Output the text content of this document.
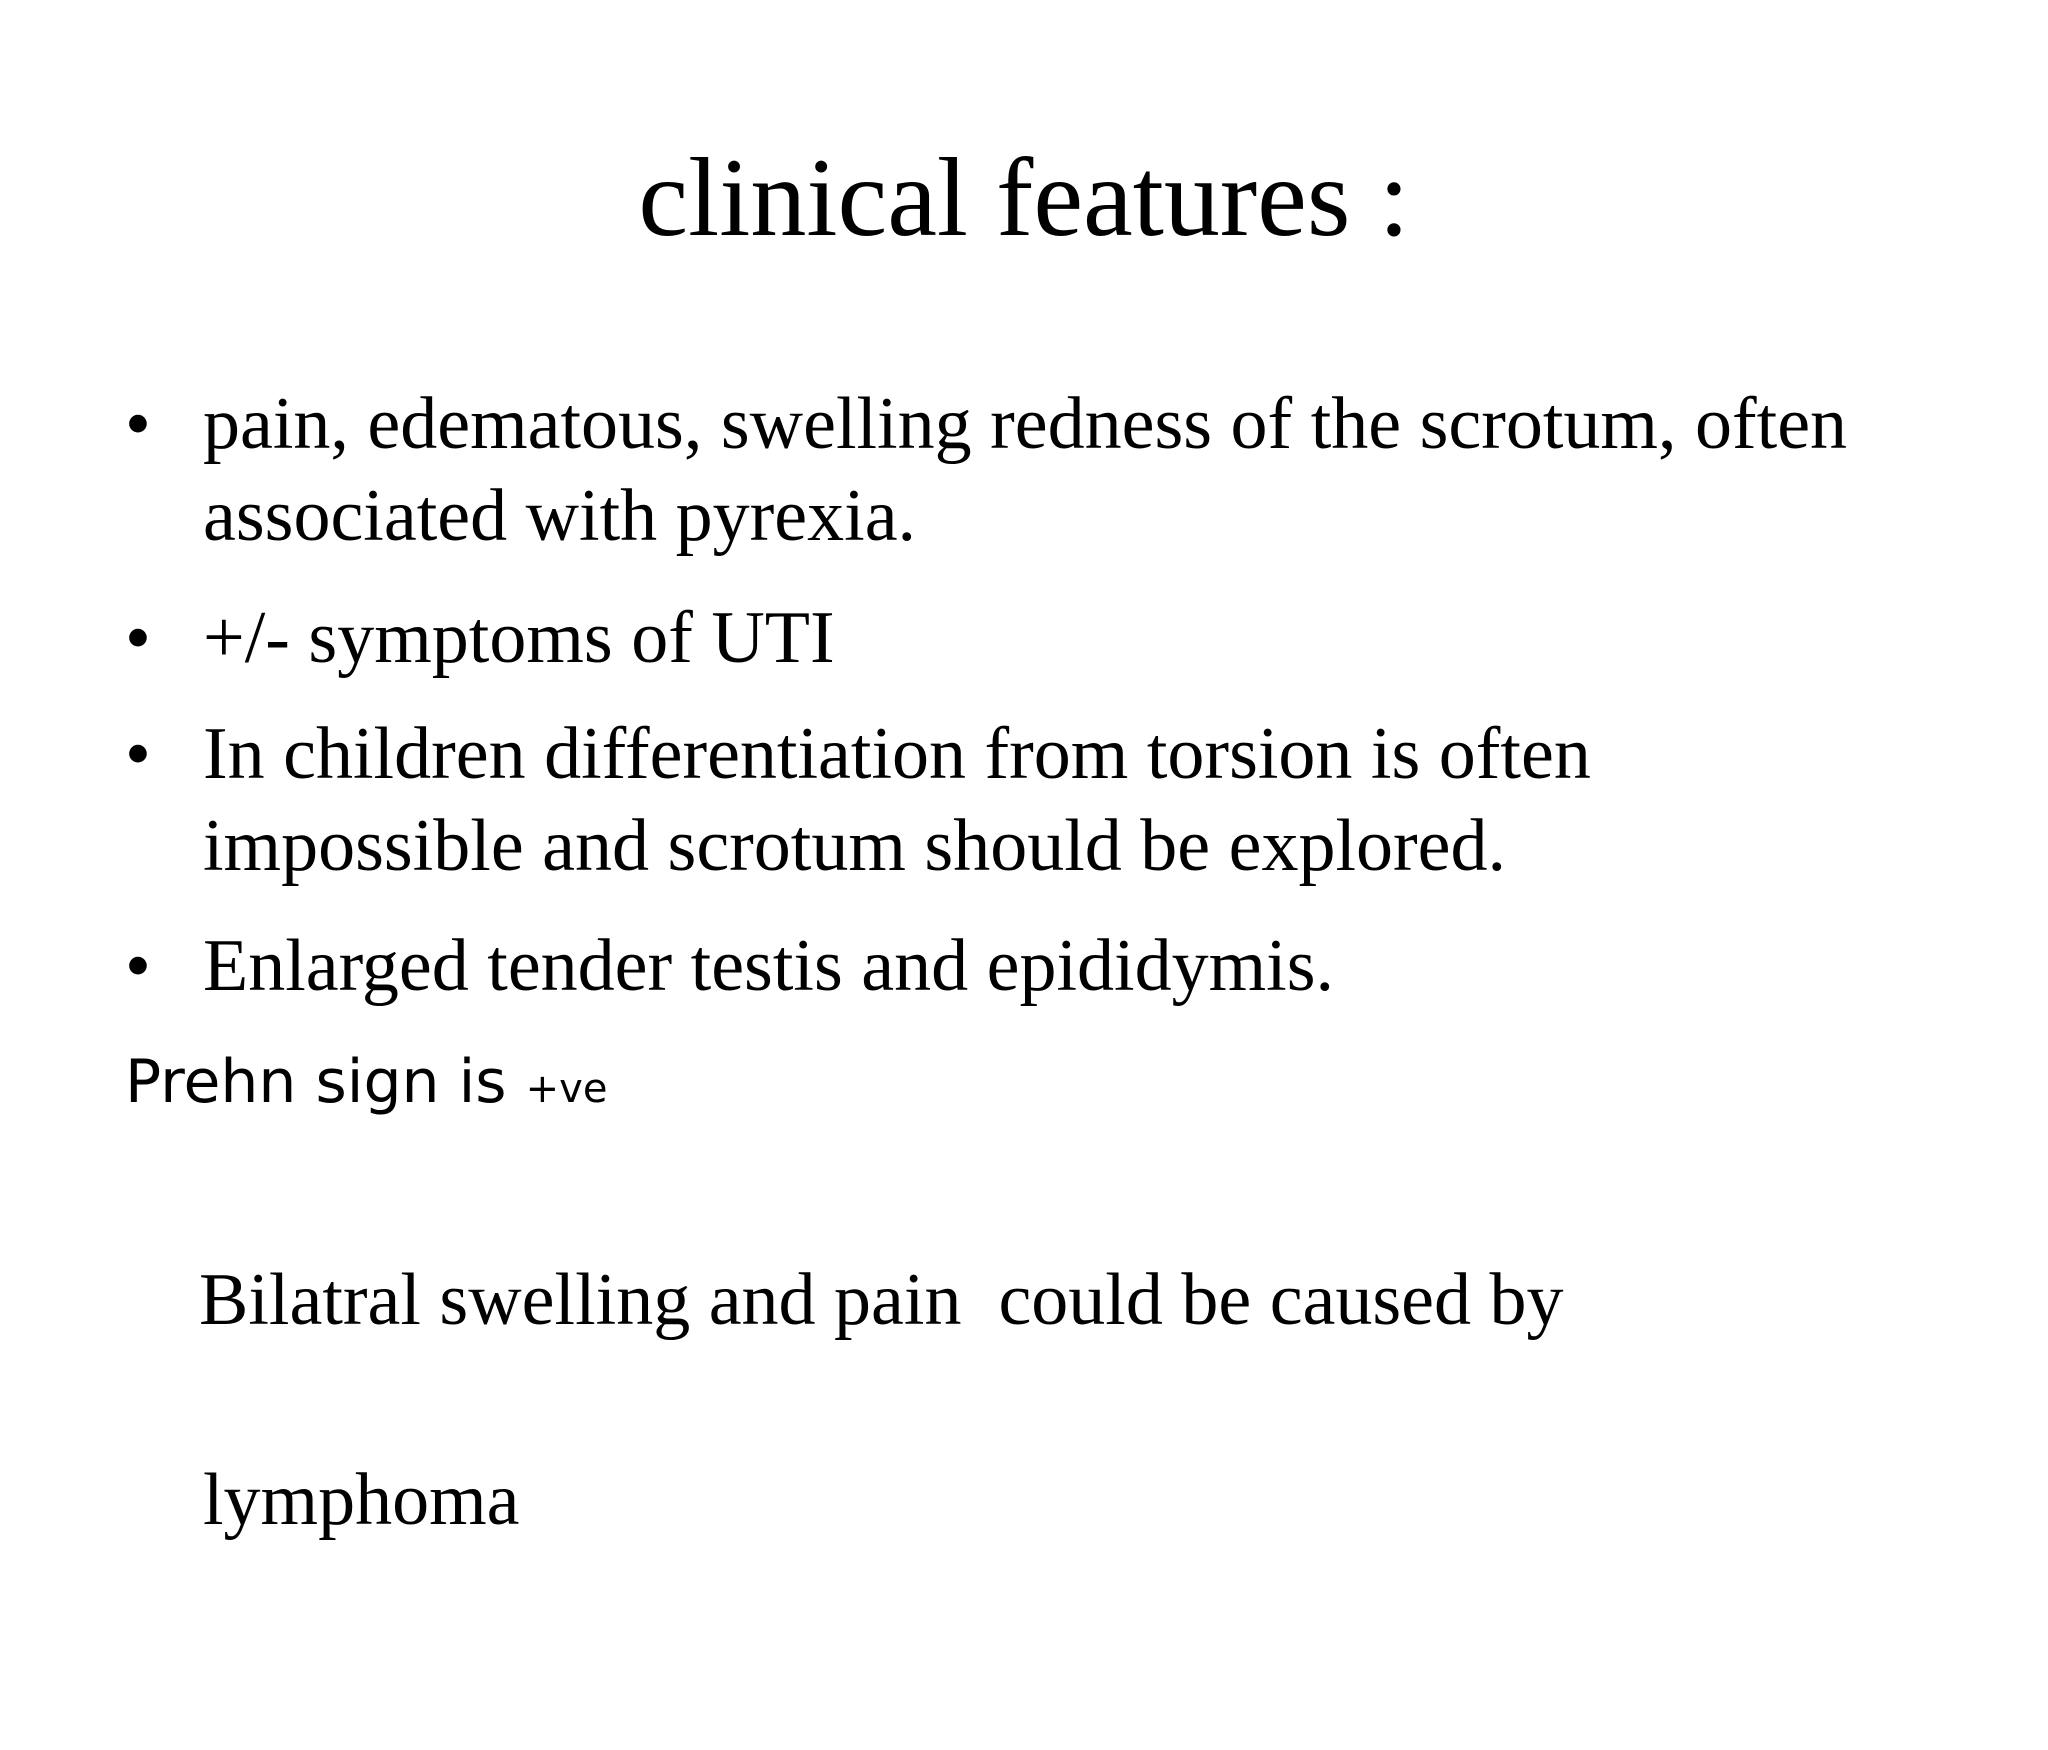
clinical features :
• pain, edematous, swelling redness of the scrotum, often associated with pyrexia.
• +/- symptoms of UTI
• In children differentiation from torsion is often impossible and scrotum should be explored.
• Enlarged tender testis and epididymis.
Prehn sign is +ve

Bilatral swelling and pain  could be caused by

lymphoma
